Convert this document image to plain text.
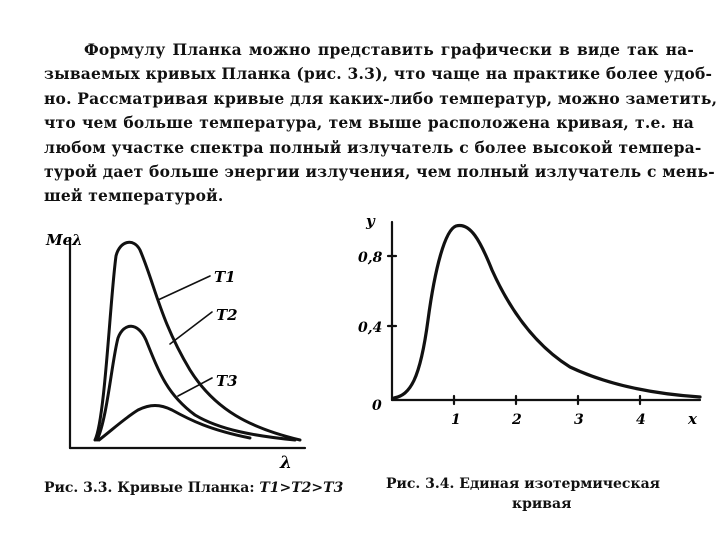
Формулу Планка можно представить графически в виде так на-
зываемых кривых Планка (рис. 3.3), что чаще на практике более удоб-
но. Рассматривая кривые для каких-либо температур, можно заметить,
что чем больше температура, тем выше расположена кривая, т.е. на
любом участке спектра полный излучатель с более высокой темпера-
турой дает больше энергии излучения, чем полный излучатель с мень-
шей температурой.
Mеλ
λ
T1
T2
T3
y
0,8
0,4
0
1	2	3	4	x
Рис. 3.3. Кривые Планка: T1>T2>T3	Рис. 3.4. Единая изотермическая
кривая
